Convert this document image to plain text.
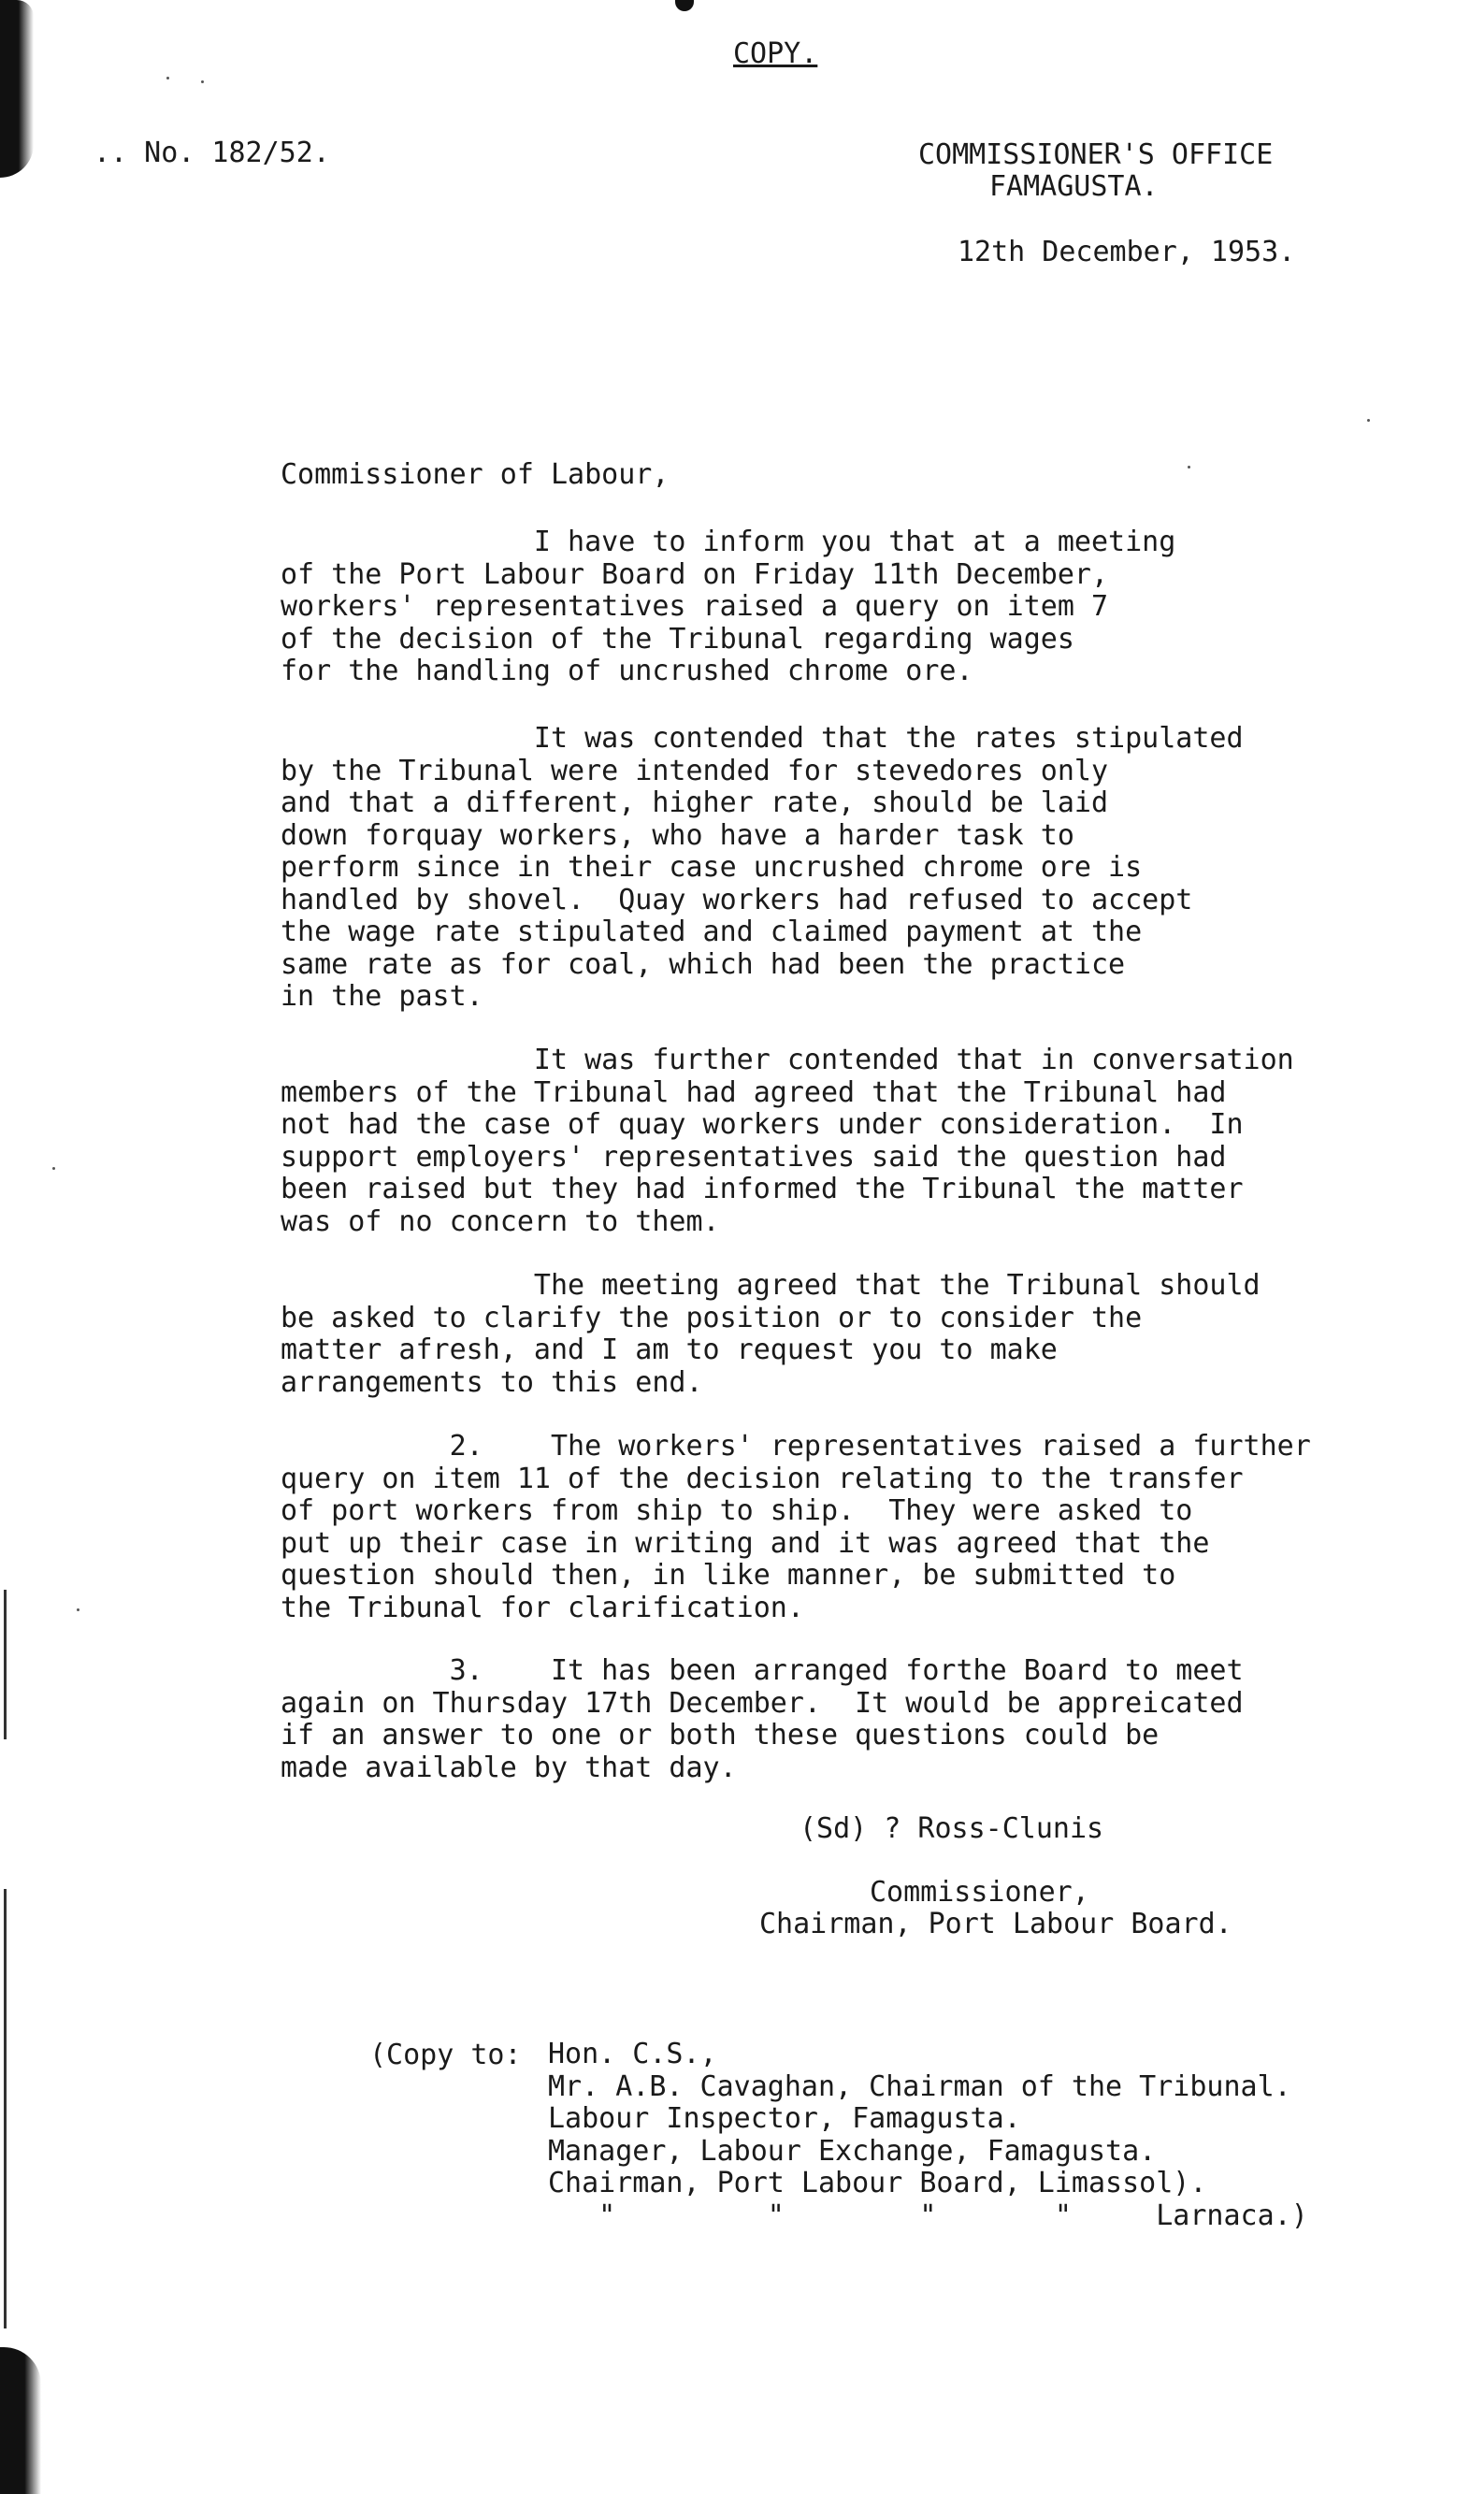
COPY.
.. No. 182/52.	COMMISSIONER'S OFFICE
FAMAGUSTA.
12th December, 1953.
Commissioner of Labour,
I have to inform you that at a meeting
of the Port Labour Board on Friday 11th December,
workers' representatives raised a query on item 7
of the decision of the Tribunal regarding wages
for the handling of uncrushed chrome ore.
It was contended that the rates stipulated
by the Tribunal were intended for stevedores only
and that a different, higher rate, should be laid
down forquay workers, who have a harder task to
perform since in their case uncrushed chrome ore is
handled by shovel.  Quay workers had refused to accept
the wage rate stipulated and claimed payment at the
same rate as for coal, which had been the practice
in the past.
It was further contended that in conversation
members of the Tribunal had agreed that the Tribunal had
not had the case of quay workers under consideration.  In
support employers' representatives said the question had
been raised but they had informed the Tribunal the matter
was of no concern to them.
The meeting agreed that the Tribunal should
be asked to clarify the position or to consider the
matter afresh, and I am to request you to make
arrangements to this end.
2.    The workers' representatives raised a further
query on item 11 of the decision relating to the transfer
of port workers from ship to ship.  They were asked to
put up their case in writing and it was agreed that the
question should then, in like manner, be submitted to
the Tribunal for clarification.
3.    It has been arranged forthe Board to meet
again on Thursday 17th December.  It would be appreicated
if an answer to one or both these questions could be
made available by that day.
(Sd) ? Ross-Clunis
Commissioner,
Chairman, Port Labour Board.
(Copy to: Hon. C.S.,
Mr. A.B. Cavaghan, Chairman of the Tribunal.
Labour Inspector, Famagusta.
Manager, Labour Exchange, Famagusta.
Chairman, Port Labour Board, Limassol).
"         "        "       "     Larnaca.)
